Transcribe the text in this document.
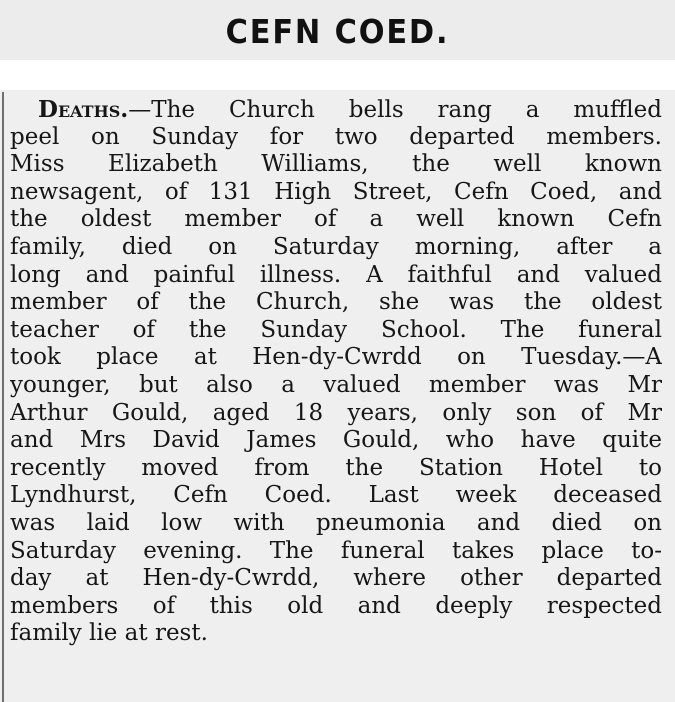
CEFN COED.

Deaths.—The Church bells rang a muffled
peel on Sunday for two departed members.
Miss Elizabeth Williams, the well known
newsagent, of 131 High Street, Cefn Coed, and
the oldest member of a well known Cefn
family, died on Saturday morning, after a
long and painful illness. A faithful and valued
member of the Church, she was the oldest
teacher of the Sunday School. The funeral
took place at Hen-dy-Cwrdd on Tuesday.—A
younger, but also a valued member was Mr
Arthur Gould, aged 18 years, only son of Mr
and Mrs David James Gould, who have quite
recently moved from the Station Hotel to
Lyndhurst, Cefn Coed. Last week deceased
was laid low with pneumonia and died on
Saturday evening. The funeral takes place to-
day at Hen-dy-Cwrdd, where other departed
members of this old and deeply respected
family lie at rest.
